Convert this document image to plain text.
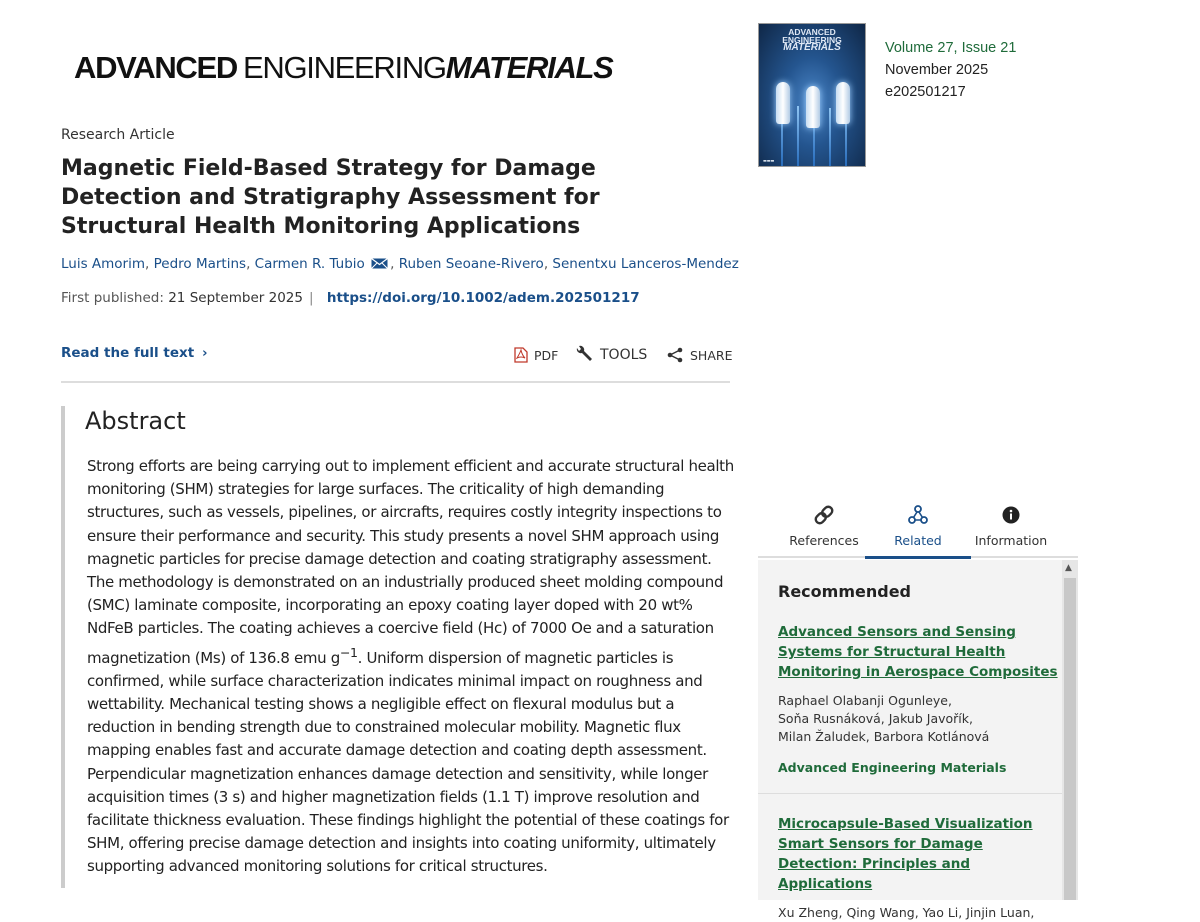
ADVANCED ENGINEERINGMATERIALS
ADVANCED
ENGINEERING
MATERIALS
▬▬▬
Volume 27, Issue 21
November 2025
e202501217
Research Article
Magnetic Field-Based Strategy for Damage Detection and Stratigraphy Assessment for Structural Health Monitoring Applications
Luis Amorim, Pedro Martins, Carmen R. Tubio , Ruben Seoane-Rivero, Senentxu Lanceros-Mendez
First published: 21 September 2025 | https://doi.org/10.1002/adem.202501217
Read the full text ›	PDF	TOOLS	SHARE
Abstract

Strong efforts are being carrying out to implement efficient and accurate structural health monitoring (SHM) strategies for large surfaces. The criticality of high demanding structures, such as vessels, pipelines, or aircrafts, requires costly integrity inspections to ensure their performance and security. This study presents a novel SHM approach using magnetic particles for precise damage detection and coating stratigraphy assessment. The methodology is demonstrated on an industrially produced sheet molding compound (SMC) laminate composite, incorporating an epoxy coating layer doped with 20 wt% NdFeB particles. The coating achieves a coercive field (Hc) of 7000 Oe and a saturation magnetization (Ms) of 136.8 emu $g^{-1}$. Uniform dispersion of magnetic particles is confirmed, while surface characterization indicates minimal impact on roughness and wettability. Mechanical testing shows a negligible effect on flexural modulus but a reduction in bending strength due to constrained molecular mobility. Magnetic flux mapping enables fast and accurate damage detection and coating depth assessment. Perpendicular magnetization enhances damage detection and sensitivity, while longer acquisition times (3 s) and higher magnetization fields (1.1 T) improve resolution and facilitate thickness evaluation. These findings highlight the potential of these coatings for SHM, offering precise damage detection and insights into coating uniformity, ultimately supporting advanced monitoring solutions for critical structures.

References	Related	Information
▲
Recommended
Advanced Sensors and Sensing Systems for Structural Health Monitoring in Aerospace Composites
Raphael Olabanji Ogunleye,
Soňa Rusnáková, Jakub Javořík,
Milan Žaludek, Barbora Kotlánová
Advanced Engineering Materials
Microcapsule-Based Visualization Smart Sensors for Damage Detection: Principles and Applications
Xu Zheng, Qing Wang, Yao Li, Jinjin Luan,
